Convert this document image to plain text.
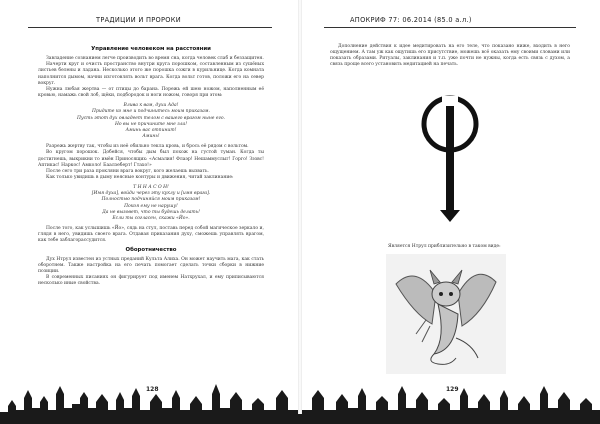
ТРАДИЦИИ И ПРОРОКИ
Управление человеком на расстоянии

Завладение сознанием легче производить во время сна, когда человек слаб и беззащитен.

Начерти круг и очисть пространство внутри круга порошком, составленным из сушёных листьев белены и ладана. Несколько этого же порошка сожги в курильнице. Когда комната наполнится дымом, начни изготовлять вольт врага. Когда вольт готов, положи его на север вокруг.

Нужна любая жертва — от птицы до барана. Порежь ей шею ножом, наполненным её кровью, намажь свой лоб, щёки, подбородок и ноги ножом, говоря при этом:

Влива к вам, духи Ада!
Придите ко мне и подчинитесь моим приказам.
Пусть этот дух овладеет телом с вашего врагом ныне его.
Но вы не причините мне зла!
Аминь вас отпинит!
Аминь!

Разрежь жертву так, чтобы из неё обильно текла кровь, и брось её рядом с вольтом.

Во кругом порошок. Добейся, чтобы дым был похож на густой туман. Когда ты достигнешь, выкрикни то имён Приносящих: «Асмалия! Флаэр! Нешаммуслыг! Горго! Зэзвс! Аптикас! Наркос! Амколо! Баалзеберт! Гтахо!»

После сего три раза прокляни врага вокруг, кого желаешь вызвать.

Как только увидишь в дыму неясные контуры и движения, читай заклинание:

Т Н Н А С О Н!
[Имя духа], войди через эту куклу и [имя врага].
Полностью подчиняйся моим приказам!
Покоя ему не нарушу!
Да не вызовет, что ты будешь делать!
Если ты согласен, скажи «Йо».

После того, как услышишь «Йо», сядь на стул, поставь перед собой магическое зеркало и, глядя в него, увидишь своего врага. Отдавая приказания духу, сможешь управлять врагом, как тебе заблагорассудится.

Оборотничество

Дух Нтрул известен из устных преданий Культа Алиха. Он может научить мага, как стать оборотнем. Также настройка на его печать помогает сделать точки сборки в нижние позиции.

В современных писаниях он фигурирует под именем Натхрухал, и ему приписываются несколько иные свойства.

128
АПОКРИФ 77: 06.2014 (85.0 а.л.)

Дополнение действия к идее медитировать на его теле, что показано ниже, входить в него ощущением. А там уж как ощутишь его присутствие, можешь всё оказать ему своими словами или показать образами. Ритуалы, заклинания и т.п. уже почти не нужны, когда есть связь с духом, а связь проще всего установить медитацией на печать.

Является Нтрул приблизительно в таком виде:
129
